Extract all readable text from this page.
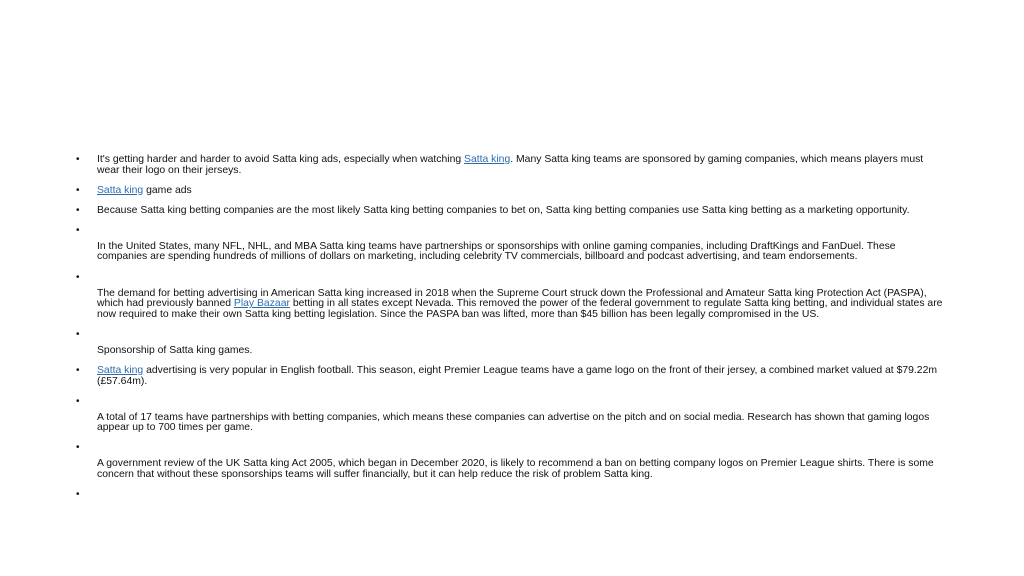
• It's getting harder and harder to avoid Satta king ads, especially when watching Satta king. Many Satta king teams are sponsored by gaming companies, which means players must wear their logo on their jerseys.

• Satta king game ads

• Because Satta king betting companies are the most likely Satta king betting companies to bet on, Satta king betting companies use Satta king betting as a marketing opportunity.

•

In the United States, many NFL, NHL, and MBA Satta king teams have partnerships or sponsorships with online gaming companies, including DraftKings and FanDuel. These companies are spending hundreds of millions of dollars on marketing, including celebrity TV commercials, billboard and podcast advertising, and team endorsements.

•

The demand for betting advertising in American Satta king increased in 2018 when the Supreme Court struck down the Professional and Amateur Satta king Protection Act (PASPA), which had previously banned Play Bazaar betting in all states except Nevada. This removed the power of the federal government to regulate Satta king betting, and individual states are now required to make their own Satta king betting legislation. Since the PASPA ban was lifted, more than $45 billion has been legally compromised in the US.

•

Sponsorship of Satta king games.

• Satta king advertising is very popular in English football. This season, eight Premier League teams have a game logo on the front of their jersey, a combined market valued at $79.22m (£57.64m).

•

A total of 17 teams have partnerships with betting companies, which means these companies can advertise on the pitch and on social media. Research has shown that gaming logos appear up to 700 times per game.

•

A government review of the UK Satta king Act 2005, which began in December 2020, is likely to recommend a ban on betting company logos on Premier League shirts. There is some concern that without these sponsorships teams will suffer financially, but it can help reduce the risk of problem Satta king.

•
